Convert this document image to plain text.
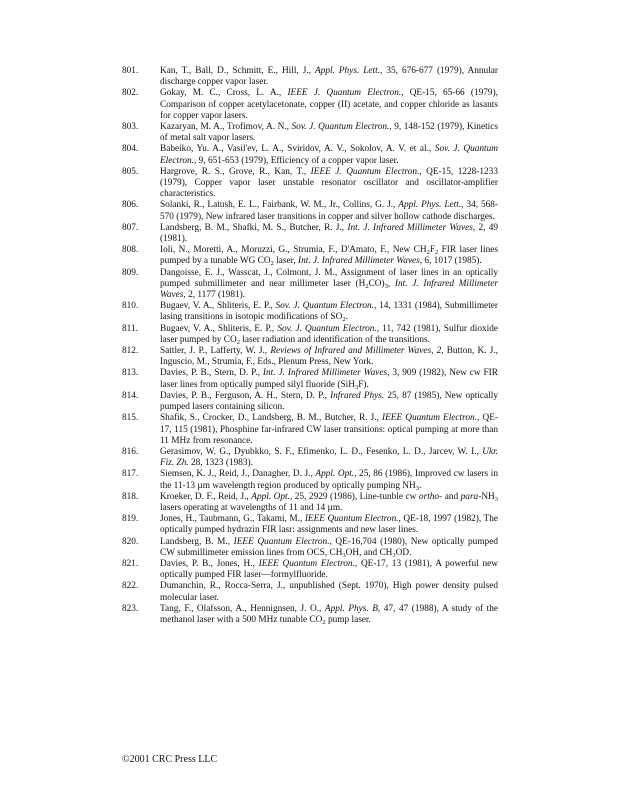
801.	Kan, T., Ball, D., Schmitt, E., Hill, J., Appl. Phys. Lett., 35, 676-677 (1979), Annular discharge copper vapor laser.
802.	Gokay, M. C., Cross, L. A., IEEE J. Quantum Electron., QE-15, 65-66 (1979), Comparison of copper acetylacetonate, copper (II) acetate, and copper chloride as lasants for copper vapor lasers.
803.	Kazaryan, M. A., Trofimov, A. N., Sov. J. Quantum Electron., 9, 148-152 (1979), Kinetics of metal salt vapor lasers.
804.	Babeiko, Yu. A., Vasil'ev, L. A., Sviridov, A. V., Sokolov, A. V. et al., Sov. J. Quantum Electron., 9, 651-653 (1979), Efficiency of a copper vapor laser.
805.	Hargrove, R. S., Grove, R., Kan, T., IEEE J. Quantum Electron., QE-15, 1228-1233 (1979), Copper vapor laser unstable resonator oscillator and oscillator-amplifier characteristics.
806.	Solanki, R., Latush, E. L., Fairbank, W. M., Jr., Collins, G. J., Appl. Phys. Lett., 34, 568-570 (1979), New infrared laser transitions in copper and silver hollow cathode discharges.
807.	Landsberg, B. M., Shafki, M. S., Butcher, R. J., Int. J. Infrared Millimeter Waves, 2, 49 (1981).
808.	Ioli, N., Moretti, A., Moruzzi, G., Strumia, F., D'Amato, F., New $CH_2F_2$ FIR laser lines pumped by a tunable WG $CO_2$ laser, Int. J. Infrared Millimeter Waves, 6, 1017 (1985).
809.	Dangoisse, E. J., Wasscat, J., Colmont, J. M., Assignment of laser lines in an optically pumped submillimeter and near millimeter laser $(H_2CO)_3$, Int. J. Infrared Millimeter Waves, 2, 1177 (1981).
810.	Bugaev, V. A., Shliteris, E. P., Sov. J. Quantum Electron., 14, 1331 (1984), Submillimeter lasing transitions in isotopic modifications of $SO_2$.
811.	Bugaev, V. A., Shliteris, E. P., Sov. J. Quantum Electron., 11, 742 (1981), Sulfur dioxide laser pumped by $CO_2$ laser radiation and identification of the transitions.
812.	Sattler, J. P., Lafferty, W. J., Reviews of Infrared and Millimeter Waves, 2, Button, K. J., Inguscio, M., Strumia, F., Eds., Plenum Press, New York.
813.	Davies, P. B., Stern, D. P., Int. J. Infrared Millimeter Waves, 3, 909 (1982), New cw FIR laser lines from optically pumped silyl fluoride (SiH$_3$F).
814.	Davies, P. B., Ferguson, A. H., Stern, D. P., Infrared Phys. 25, 87 (1985), New optically pumped lasers containing silicon.
815.	Shafik, S., Crocker, D., Landsberg, B. M., Butcher, R. J., IEEE Quantum Electron., QE-17, 115 (1981), Phosphine far-infrared CW laser transitions: optical pumping at more than 11 MHz from resonance.
816.	Gerasimov, W. G., Dyubkko, S. F., Efimenko, L. D., Fesenko, L. D., Jarcev, W. I., Ukr. Fiz. Zh. 28, 1323 (1983).
817.	Siemsen, K. J., Reid, J., Danagher, D. J., Appl. Opt., 25, 86 (1986), Improved cw lasers in the 11-13 µm wavelength region produced by optically pumping $NH_3$.
818.	Kroeker, D. F., Reid, J., Appl. Opt., 25, 2929 (1986), Line-tunble cw ortho- and para-$NH_3$ lasers operating at wavelengths of 11 and 14 µm.
819.	Jones, H., Taubmann, G., Takami, M., IEEE Quantum Electron., QE-18, 1997 (1982), The optically pumped hydrazin FIR lasr: assignments and new laser lines.
820.	Landsberg, B. M., IEEE Quantum Electron., QE-16,704 (1980), New optically pumped CW submillimeter emission lines from OCS, $CH_3OH$, and $CH_3OD$.
821.	Davies, P. B., Jones, H., IEEE Quantum Electron., QE-17, 13 (1981), A powerful new optically pumped FIR laser—formylfluoride.
822.	Dumanchin, R., Rocca-Serra, J., unpublished (Sept. 1970), High power density pulsed molecular laser.
823.	Tang, F., Olafsson, A., Hennignsen, J. O., Appl. Phys. B, 47, 47 (1988), A study of the methanol laser with a 500 MHz tunable $CO_2$ pump laser.
©2001 CRC Press LLC
